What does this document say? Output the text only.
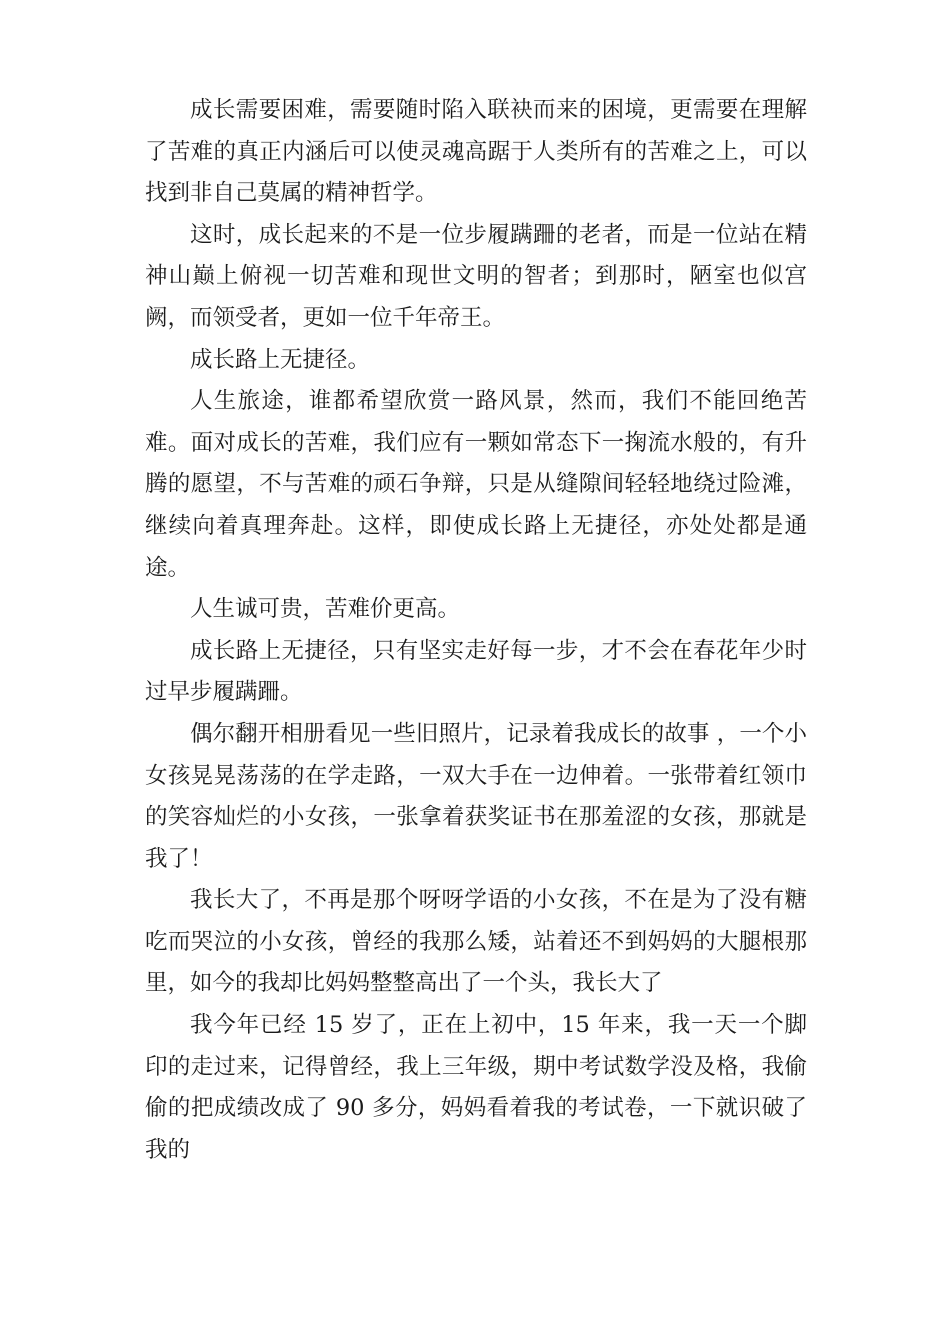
成长需要困难，需要随时陷入联袂而来的困境，更需要在理解了苦难的真正内涵后可以使灵魂高踞于人类所有的苦难之上，可以找到非自己莫属的精神哲学。

这时，成长起来的不是一位步履蹒跚的老者，而是一位站在精神山巅上俯视一切苦难和现世文明的智者；到那时，陋室也似宫阙，而领受者，更如一位千年帝王。

成长路上无捷径。

人生旅途，谁都希望欣赏一路风景，然而，我们不能回绝苦难。面对成长的苦难，我们应有一颗如常态下一掬流水般的，有升腾的愿望，不与苦难的顽石争辩，只是从缝隙间轻轻地绕过险滩，继续向着真理奔赴。这样，即使成长路上无捷径，亦处处都是通途。

人生诚可贵，苦难价更高。

成长路上无捷径，只有坚实走好每一步，才不会在春花年少时过早步履蹒跚。

偶尔翻开相册看见一些旧照片，记录着我成长的故事 ，一个小女孩晃晃荡荡的在学走路，一双大手在一边伸着。一张带着红领巾的笑容灿烂的小女孩，一张拿着获奖证书在那羞涩的女孩，那就是我了！

我长大了，不再是那个呀呀学语的小女孩，不在是为了没有糖吃而哭泣的小女孩，曾经的我那么矮，站着还不到妈妈的大腿根那里，如今的我却比妈妈整整高出了一个头，我长大了

我今年已经 15 岁了，正在上初中，15 年来，我一天一个脚印的走过来，记得曾经，我上三年级，期中考试数学没及格，我偷偷的把成绩改成了 90 多分，妈妈看着我的考试卷，一下就识破了我的
